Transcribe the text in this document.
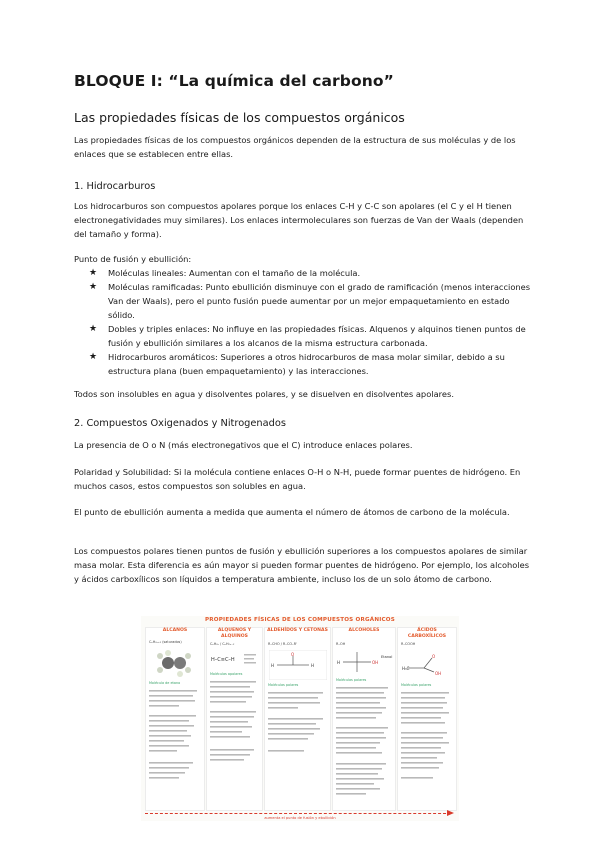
BLOQUE I: “La química del carbono”
Las propiedades físicas de los compuestos orgánicos
Las propiedades físicas de los compuestos orgánicos dependen de la estructura de sus moléculas y de los enlaces que se establecen entre ellas.
1. Hidrocarburos
Los hidrocarburos son compuestos apolares porque los enlaces C-H y C-C son apolares (el C y el H tienen electronegatividades muy similares). Los enlaces intermoleculares son fuerzas de Van der Waals (dependen del tamaño y forma).
Punto de fusión y ebullición:
★ Moléculas lineales: Aumentan con el tamaño de la molécula.
★ Moléculas ramificadas: Punto ebullición disminuye con el grado de ramificación (menos interacciones Van der Waals), pero el punto fusión puede aumentar por un mejor empaquetamiento en estado sólido.
★ Dobles y triples enlaces: No influye en las propiedades físicas. Alquenos y alquinos tienen puntos de fusión y ebullición similares a los alcanos de la misma estructura carbonada.
★ Hidrocarburos aromáticos: Superiores a otros hidrocarburos de masa molar similar, debido a su estructura plana (buen empaquetamiento) y las interacciones.
Todos son insolubles en agua y disolventes polares, y se disuelven en disolventes apolares.
2. Compuestos Oxigenados y Nitrogenados
La presencia de O o N (más electronegativos que el C) introduce enlaces polares.
Polaridad y Solubilidad: Si la molécula contiene enlaces O-H o N-H, puede formar puentes de hidrógeno. En muchos casos, estos compuestos son solubles en agua.
El punto de ebullición aumenta a medida que aumenta el número de átomos de carbono de la molécula.
Los compuestos polares tienen puntos de fusión y ebullición superiores a los compuestos apolares de similar masa molar. Esta diferencia es aún mayor si pueden formar puentes de hidrógeno. Por ejemplo, los alcoholes y ácidos carboxílicos son líquidos a temperatura ambiente, incluso los de un solo átomo de carbono.
PROPIEDADES FÍSICAS DE LOS COMPUESTOS ORGÁNICOS
ALCANOS
CₙH₂ₙ₊₂ (saturados)
Molécula de etano
ALQUENOS Y ALQUINOS
CₙH₂ₙ / CₙH₂ₙ₋₂
H–C≡C–H
Moléculas apolares
ALDEHÍDOS Y CETONAS
R–CHO / R–CO–R'
O
H	H
Moléculas polares
ALCOHOLES
R–OH
H	OH
Etanol
Moléculas polares
ÁCIDOS CARBOXÍLICOS
R–COOH
H₃C
O
OH
Moléculas polares
aumenta el punto de fusión y ebullición
